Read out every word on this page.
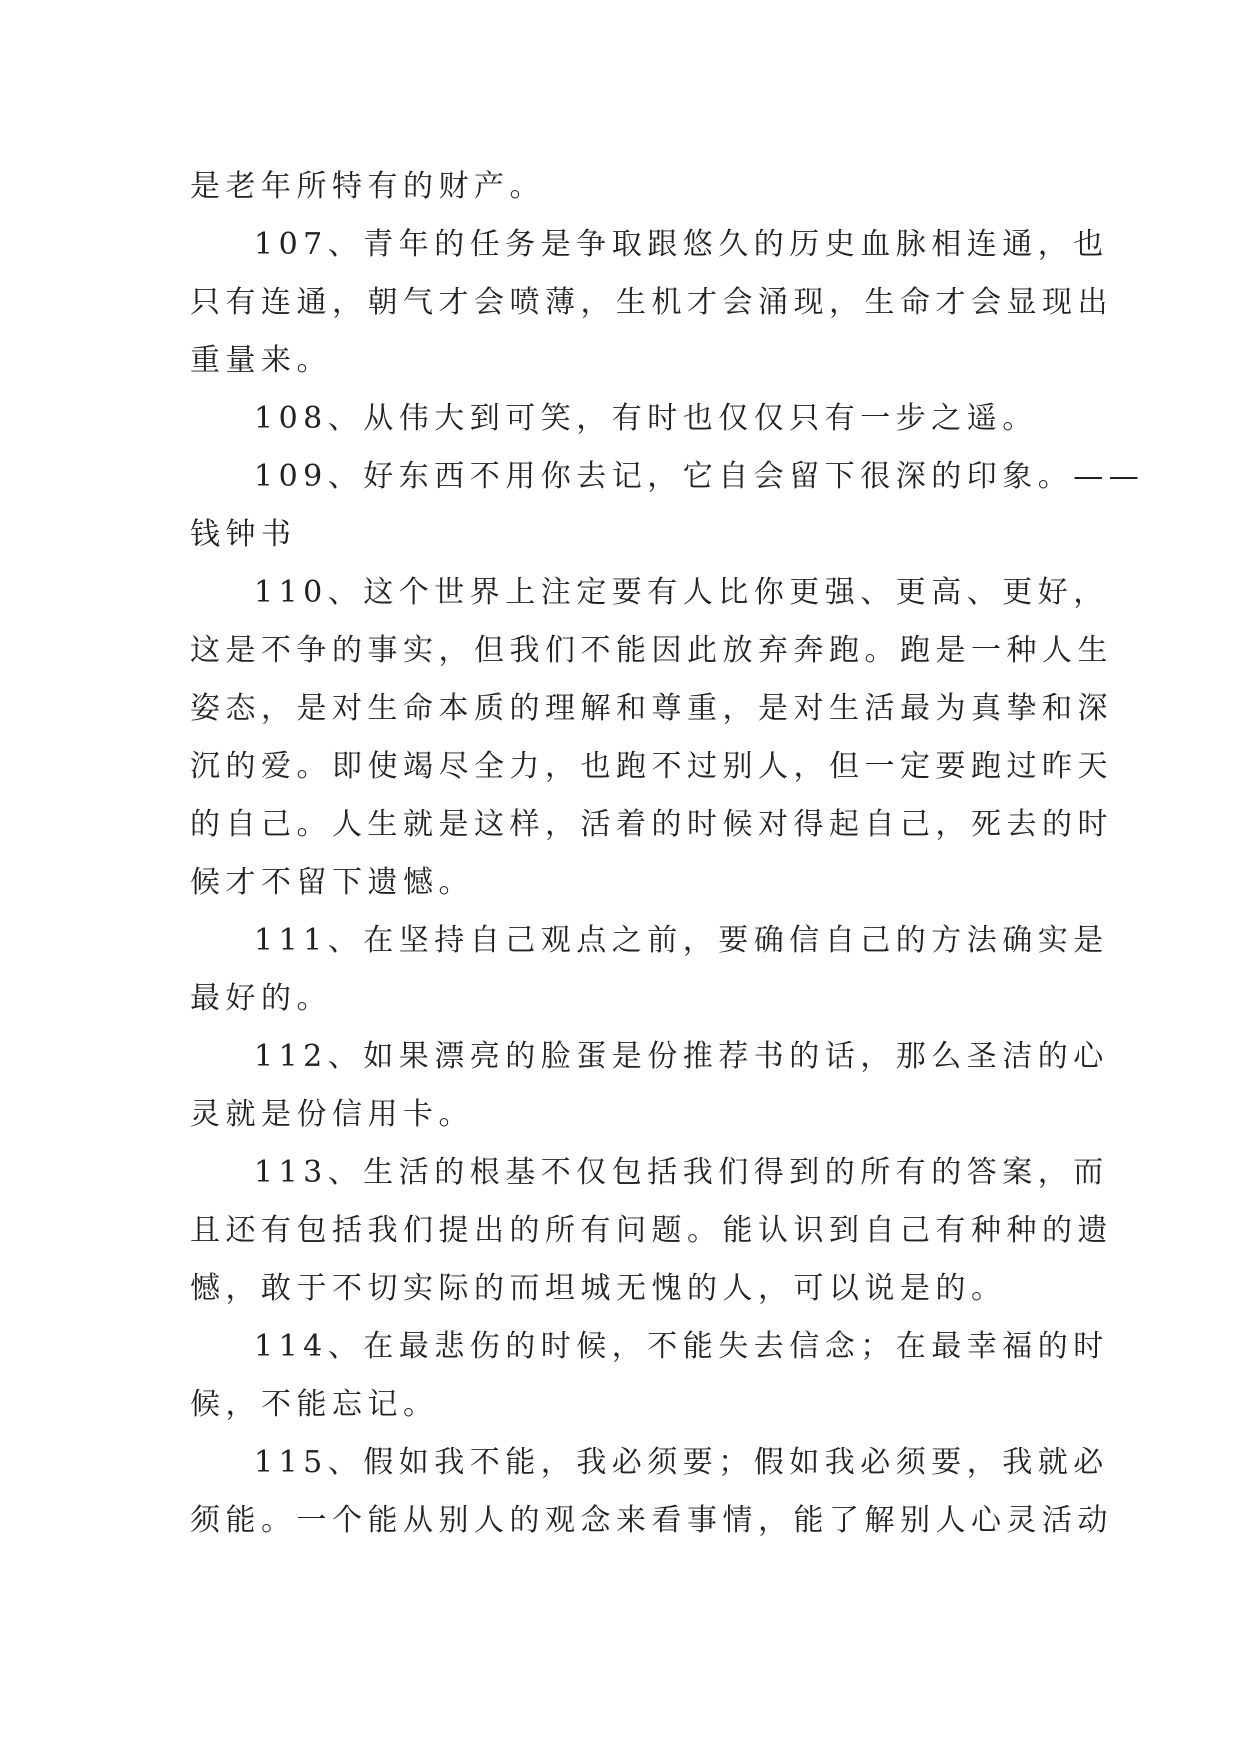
是老年所特有的财产。
107、青年的任务是争取跟悠久的历史血脉相连通，也
只有连通，朝气才会喷薄，生机才会涌现，生命才会显现出
重量来。
108、从伟大到可笑，有时也仅仅只有一步之遥。
109、好东西不用你去记，它自会留下很深的印象。——
钱钟书
110、这个世界上注定要有人比你更强、更高、更好，
这是不争的事实，但我们不能因此放弃奔跑。跑是一种人生
姿态，是对生命本质的理解和尊重，是对生活最为真挚和深
沉的爱。即使竭尽全力，也跑不过别人，但一定要跑过昨天
的自己。人生就是这样，活着的时候对得起自己，死去的时
候才不留下遗憾。
111、在坚持自己观点之前，要确信自己的方法确实是
最好的。
112、如果漂亮的脸蛋是份推荐书的话，那么圣洁的心
灵就是份信用卡。
113、生活的根基不仅包括我们得到的所有的答案，而
且还有包括我们提出的所有问题。能认识到自己有种种的遗
憾，敢于不切实际的而坦城无愧的人，可以说是的。
114、在最悲伤的时候，不能失去信念；在最幸福的时
候，不能忘记。
115、假如我不能，我必须要；假如我必须要，我就必
须能。一个能从别人的观念来看事情，能了解别人心灵活动
